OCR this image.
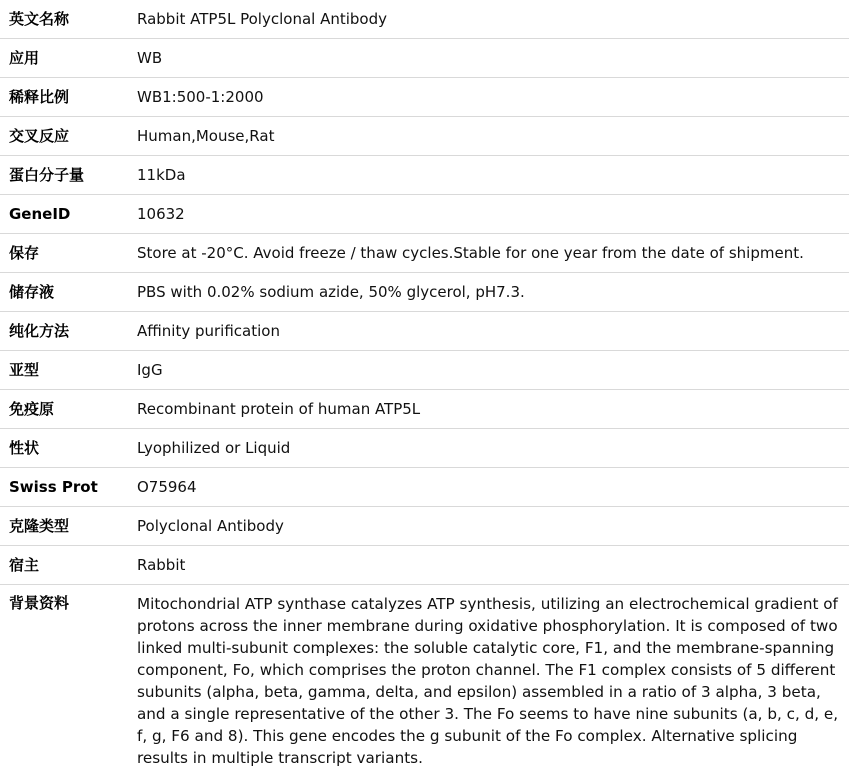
英文名称	Rabbit ATP5L Polyclonal Antibody
应用	WB
稀释比例	WB1:500-1:2000
交叉反应	Human,Mouse,Rat
蛋白分子量	11kDa
GeneID	10632
保存	Store at -20°C. Avoid freeze / thaw cycles.Stable for one year from the date of shipment.
储存液	PBS with 0.02% sodium azide, 50% glycerol, pH7.3.
纯化方法	Affinity purification
亚型	IgG
免疫原	Recombinant protein of human ATP5L
性状	Lyophilized or Liquid
Swiss Prot	O75964
克隆类型	Polyclonal Antibody
宿主	Rabbit
背景资料	Mitochondrial ATP synthase catalyzes ATP synthesis, utilizing an electrochemical gradient of protons across the inner membrane during oxidative phosphorylation. It is composed of two linked multi-subunit complexes: the soluble catalytic core, F1, and the membrane-spanning component, Fo, which comprises the proton channel. The F1 complex consists of 5 different subunits (alpha, beta, gamma, delta, and epsilon) assembled in a ratio of 3 alpha, 3 beta, and a single representative of the other 3. The Fo seems to have nine subunits (a, b, c, d, e, f, g, F6 and 8). This gene encodes the g subunit of the Fo complex. Alternative splicing results in multiple transcript variants.
